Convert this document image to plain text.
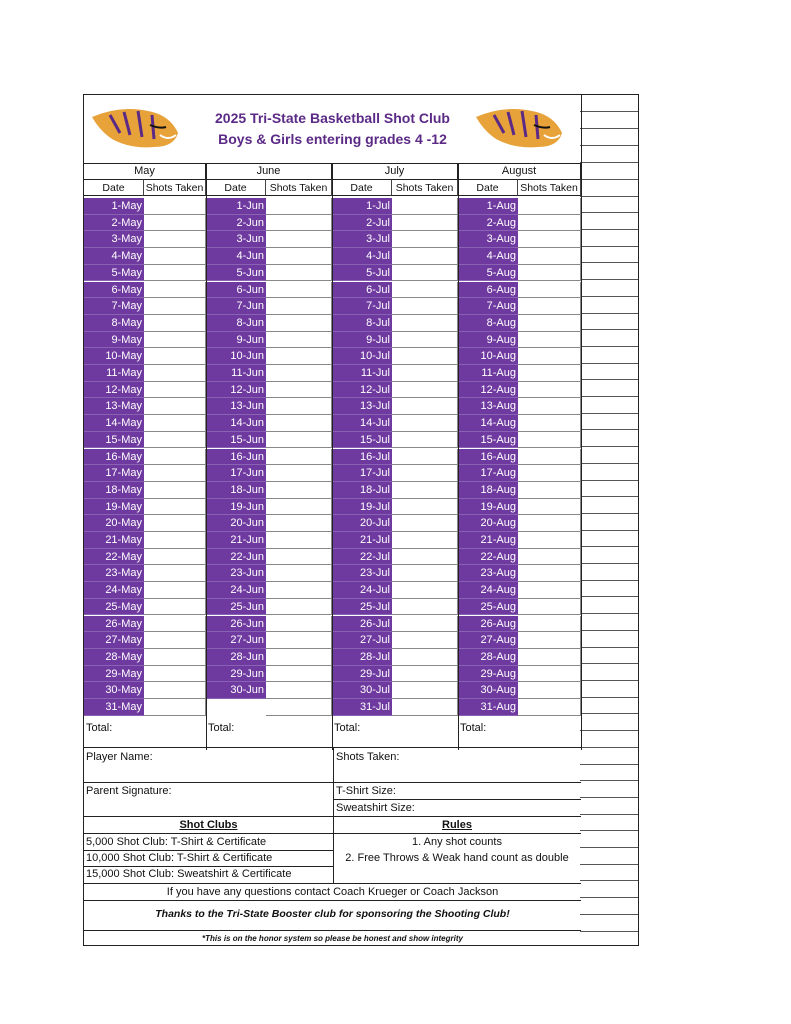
2025 Tri-State Basketball Shot Club
Boys & Girls entering grades 4 -12
May
Date	Shots Taken
1-May
2-May
3-May
4-May
5-May
6-May
7-May
8-May
9-May
10-May
11-May
12-May
13-May
14-May
15-May
16-May
17-May
18-May
19-May
20-May
21-May
22-May
23-May
24-May
25-May
26-May
27-May
28-May
29-May
30-May
31-May
Total:
June
Date	Shots Taken
1-Jun
2-Jun
3-Jun
4-Jun
5-Jun
6-Jun
7-Jun
8-Jun
9-Jun
10-Jun
11-Jun
12-Jun
13-Jun
14-Jun
15-Jun
16-Jun
17-Jun
18-Jun
19-Jun
20-Jun
21-Jun
22-Jun
23-Jun
24-Jun
25-Jun
26-Jun
27-Jun
28-Jun
29-Jun
30-Jun
Total:
July
Date	Shots Taken
1-Jul
2-Jul
3-Jul
4-Jul
5-Jul
6-Jul
7-Jul
8-Jul
9-Jul
10-Jul
11-Jul
12-Jul
13-Jul
14-Jul
15-Jul
16-Jul
17-Jul
18-Jul
19-Jul
20-Jul
21-Jul
22-Jul
23-Jul
24-Jul
25-Jul
26-Jul
27-Jul
28-Jul
29-Jul
30-Jul
31-Jul
Total:
August
Date	Shots Taken
1-Aug
2-Aug
3-Aug
4-Aug
5-Aug
6-Aug
7-Aug
8-Aug
9-Aug
10-Aug
11-Aug
12-Aug
13-Aug
14-Aug
15-Aug
16-Aug
17-Aug
18-Aug
19-Aug
20-Aug
21-Aug
22-Aug
23-Aug
24-Aug
25-Aug
26-Aug
27-Aug
28-Aug
29-Aug
30-Aug
31-Aug
Total:
Player Name:	Shots Taken:
Parent Signature:	T-Shirt Size:
Sweatshirt Size:
Shot Clubs	Rules
5,000 Shot Club: T-Shirt & Certificate
10,000 Shot Club: T-Shirt & Certificate
15,000 Shot Club: Sweatshirt & Certificate
1. Any shot counts
2. Free Throws & Weak hand count as double
If you have any questions contact Coach Krueger or Coach Jackson
Thanks to the Tri-State Booster club for sponsoring the Shooting Club!
*This is on the honor system so please be honest and show integrity
